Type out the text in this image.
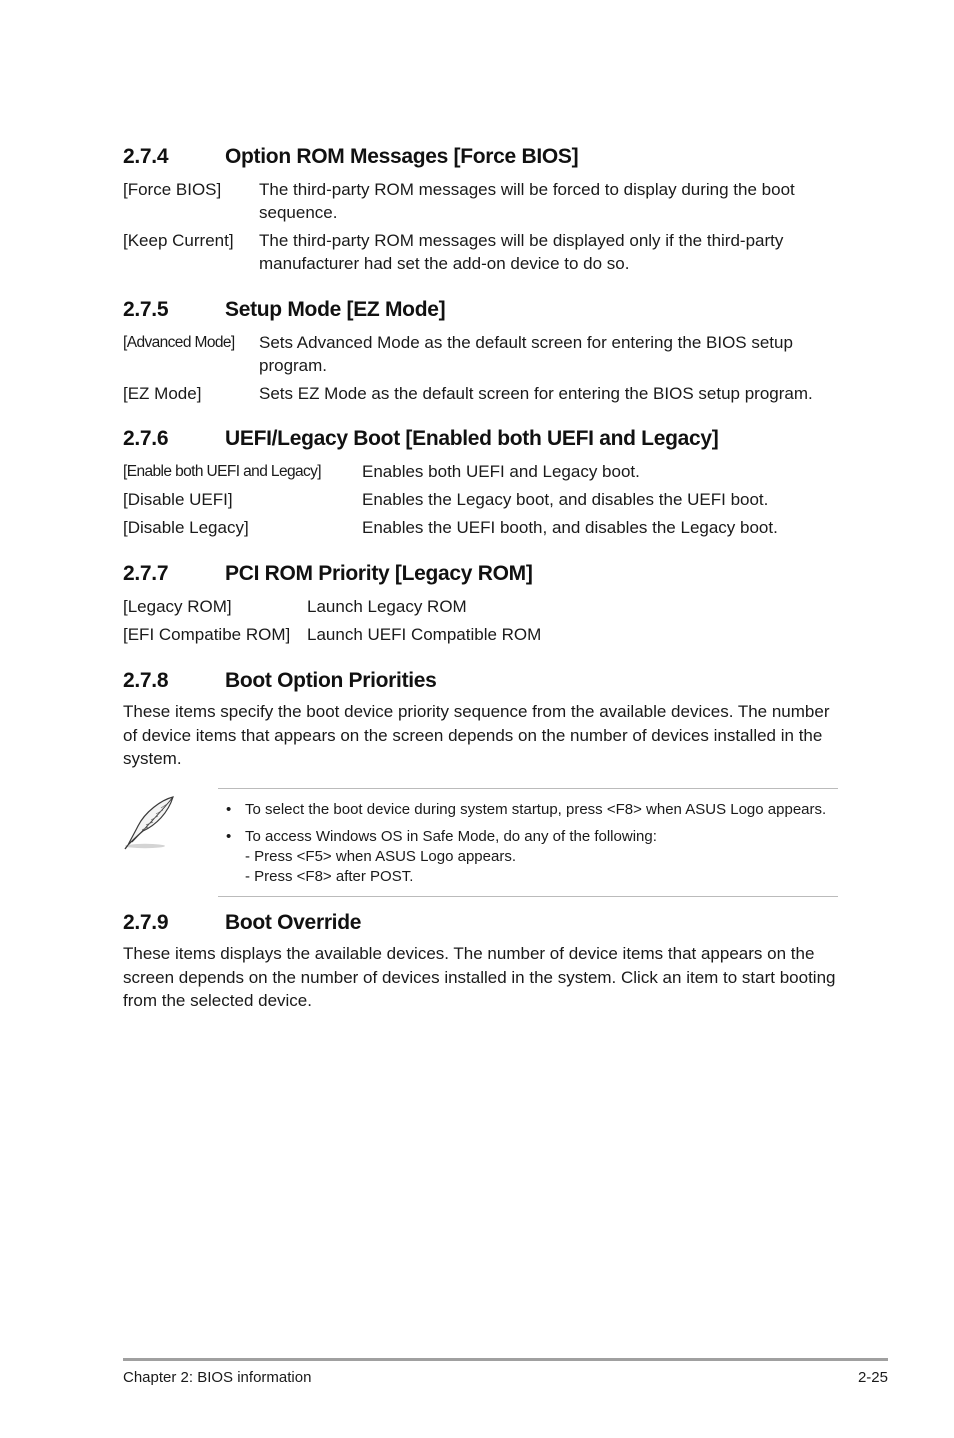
2.7.4	Option ROM Messages [Force BIOS]
[Force BIOS] The third-party ROM messages will be forced to display during the boot sequence.
[Keep Current] The third-party ROM messages will be displayed only if the third-party manufacturer had set the add-on device to do so.
2.7.5	Setup Mode [EZ Mode]
[Advanced Mode] Sets Advanced Mode as the default screen for entering the BIOS setup program.
[EZ Mode]	Sets EZ Mode as the default screen for entering the BIOS setup program.
2.7.6	UEFI/Legacy Boot [Enabled both UEFI and Legacy]
[Enable both UEFI and Legacy] Enables both UEFI and Legacy boot.
[Disable UEFI]	Enables the Legacy boot, and disables the UEFI boot.
[Disable Legacy]	Enables the UEFI booth, and disables the Legacy boot.
2.7.7	PCI ROM Priority [Legacy ROM]
[Legacy ROM]	Launch Legacy ROM
[EFI Compatibe ROM] Launch UEFI Compatible ROM
2.7.8	Boot Option Priorities
These items specify the boot device priority sequence from the available devices. The number of device items that appears on the screen depends on the number of devices installed in the system.
• To select the boot device during system startup, press <F8> when ASUS Logo appears.
• To access Windows OS in Safe Mode, do any of the following:
- Press <F5> when ASUS Logo appears.
- Press <F8> after POST.
2.7.9	Boot Override
These items displays the available devices. The number of device items that appears on the screen depends on the number of devices installed in the system. Click an item to start booting from the selected device.
Chapter 2: BIOS information	2-25
